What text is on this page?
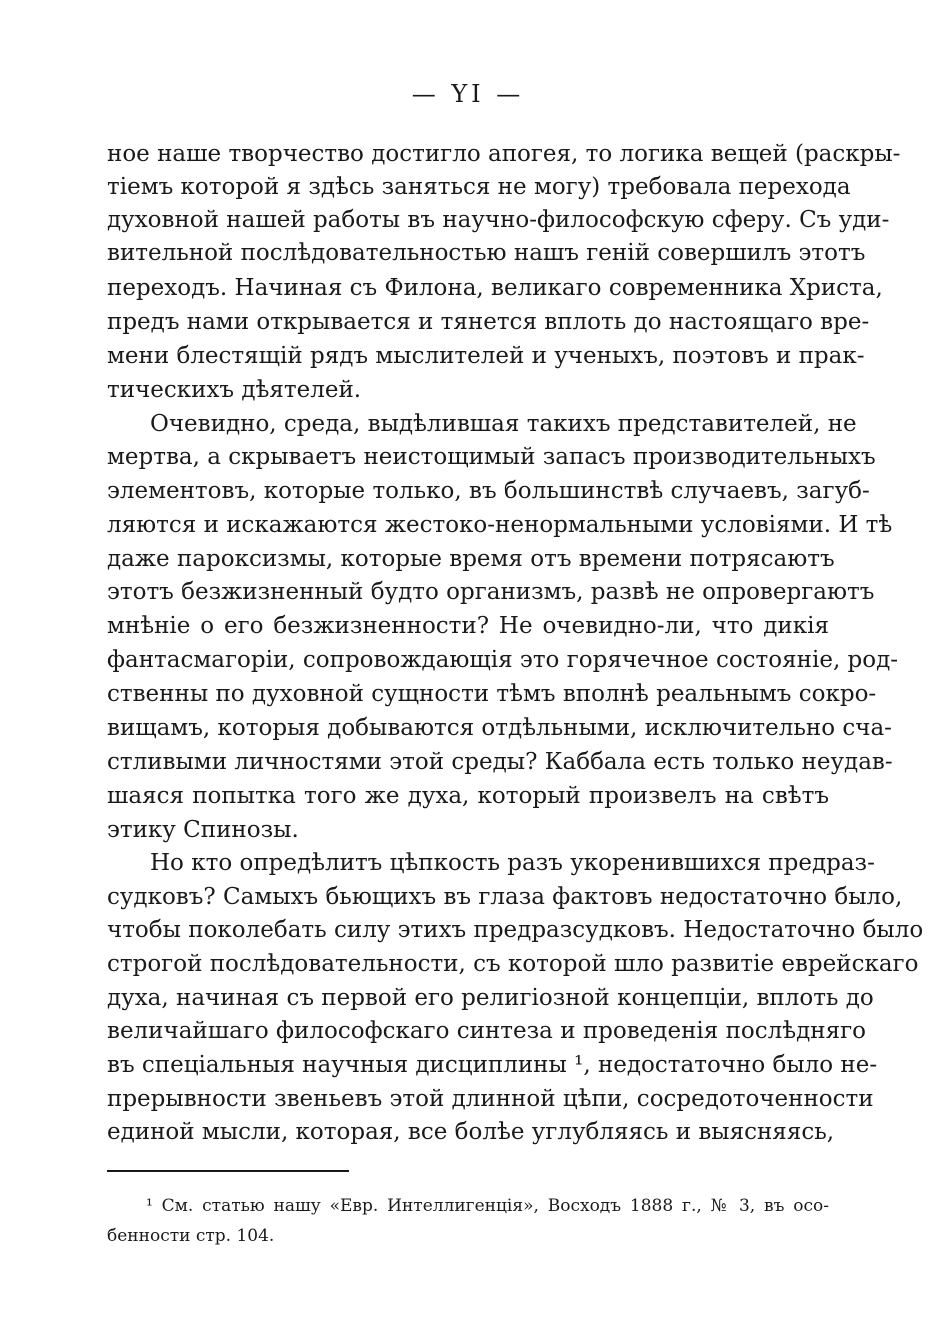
— ҮI —
ное наше творчество достигло апогея, то логика вещей (раскры-
тіемъ которой я здѣсь заняться не могу) требовала перехода
духовной нашей работы въ научно-философскую сферу. Съ уди-
вительной послѣдовательностью нашъ геній совершилъ этотъ
переходъ. Начиная съ Филона, великаго современника Христа,
предъ нами открывается и тянется вплоть до настоящаго вре-
мени блестящій рядъ мыслителей и ученыхъ, поэтовъ и прак-
тическихъ дѣятелей.
Очевидно, среда, выдѣлившая такихъ представителей, не
мертва, а скрываетъ неистощимый запасъ производительныхъ
элементовъ, которые только, въ большинствѣ случаевъ, загуб-
ляются и искажаются жестоко-ненормальными условіями. И тѣ
даже пароксизмы, которые время отъ времени потрясаютъ
этотъ безжизненный будто организмъ, развѣ не опровергаютъ
мнѣніе о его безжизненности? Не очевидно-ли, что дикія
фантасмагоріи, сопровождающія это горячечное состояніе, род-
ственны по духовной сущности тѣмъ вполнѣ реальнымъ сокро-
вищамъ, которыя добываются отдѣльными, исключительно сча-
стливыми личностями этой среды? Каббала есть только неудав-
шаяся попытка того же духа, который произвелъ на свѣтъ
этику Спинозы.
Но кто опредѣлитъ цѣпкость разъ укоренившихся предраз-
судковъ? Самыхъ бьющихъ въ глаза фактовъ недостаточно было,
чтобы поколебать силу этихъ предразсудковъ. Недостаточно было
строгой послѣдовательности, съ которой шло развитіе еврейскаго
духа, начиная съ первой его религіозной концепціи, вплоть до
величайшаго философскаго синтеза и проведенія послѣдняго
въ спеціальныя научныя дисциплины ¹, недостаточно было не-
прерывности звеньевъ этой длинной цѣпи, сосредоточенности
единой мысли, которая, все болѣе углубляясь и выясняясь,
¹ См. статью нашу «Евр. Интеллигенція», Восходъ 1888 г., № 3, въ осо-
бенности стр. 104.
